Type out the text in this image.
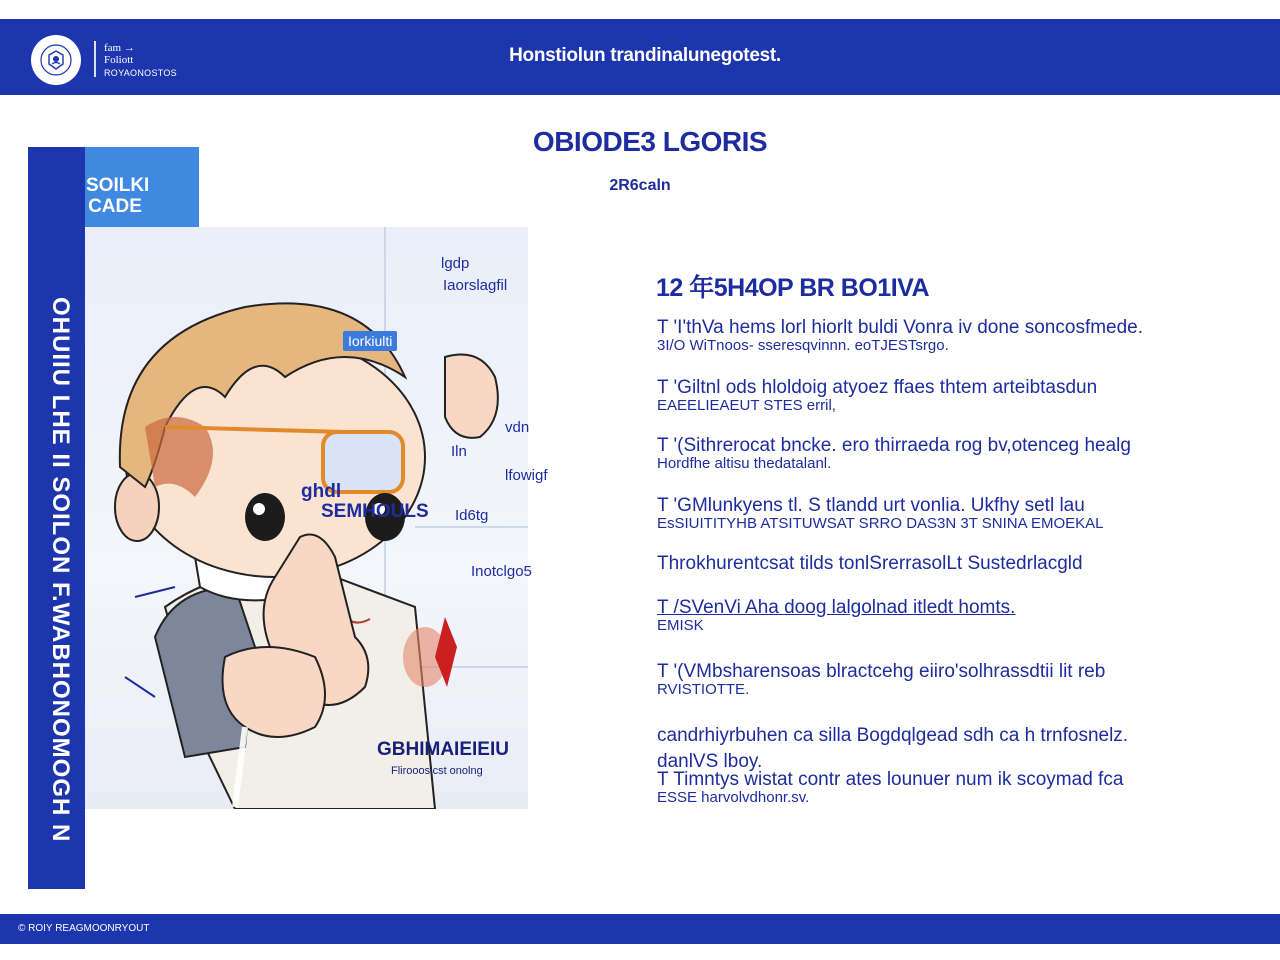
fam →
Foliott
ROYAONOSTOS
Honstiolun trandinalunegotest.
OBIODE3 LGORIS
2R6caln
SOILKI CADE
OHUIIU LHE II SOILON F.WABHONOMOGH N
lgdp
Iaorslagfil
Iorkiulti
vdn
Iln
lfowigf
ghdl
SEMHOULS Id6tg
Inotclgo5
GBHIMAIEIEIU
Fliroooslcst onolng
12 年5H4OP BR BO1IVA
T 'I'thVa hems lorl hiorlt buldi Vonra iv done soncosfmede.
3I/O WiTnoos- sseresqvinnn. eoTJESTsrgo.
T 'Giltnl ods hloldoig atyoez ffaes thtem arteibtasdun
EAEELIEAEUT STES erril,
T '(Sithrerocat bncke. ero thirraeda rog bv,otenceg healg
Hordfhe altisu thedatalanl.
T 'GMlunkyens tl. S tlandd urt vonlia. Ukfhy setl lau
EsSIUITITYHB ATSITUWSAT SRRO DAS3N 3T SNINA EMOEKAL
Throkhurentcsat tilds tonlSrerrasolLt Sustedrlacgld
T /SVenVi Aha doog lalgolnad itledt homts.
EMISK
T '(VMbsharensoas blractcehg eiiro'solhrassdtii lit reb
RVISTIOTTE.
candrhiyrbuhen ca silla Bogdqlgead sdh ca h trnfosnelz.
danlVS lboy.
T Timntys wistat contr ates lounuer num ik scoymad fca
ESSE harvolvdhonr.sv.
© ROIY REAGMOONRYOUT
